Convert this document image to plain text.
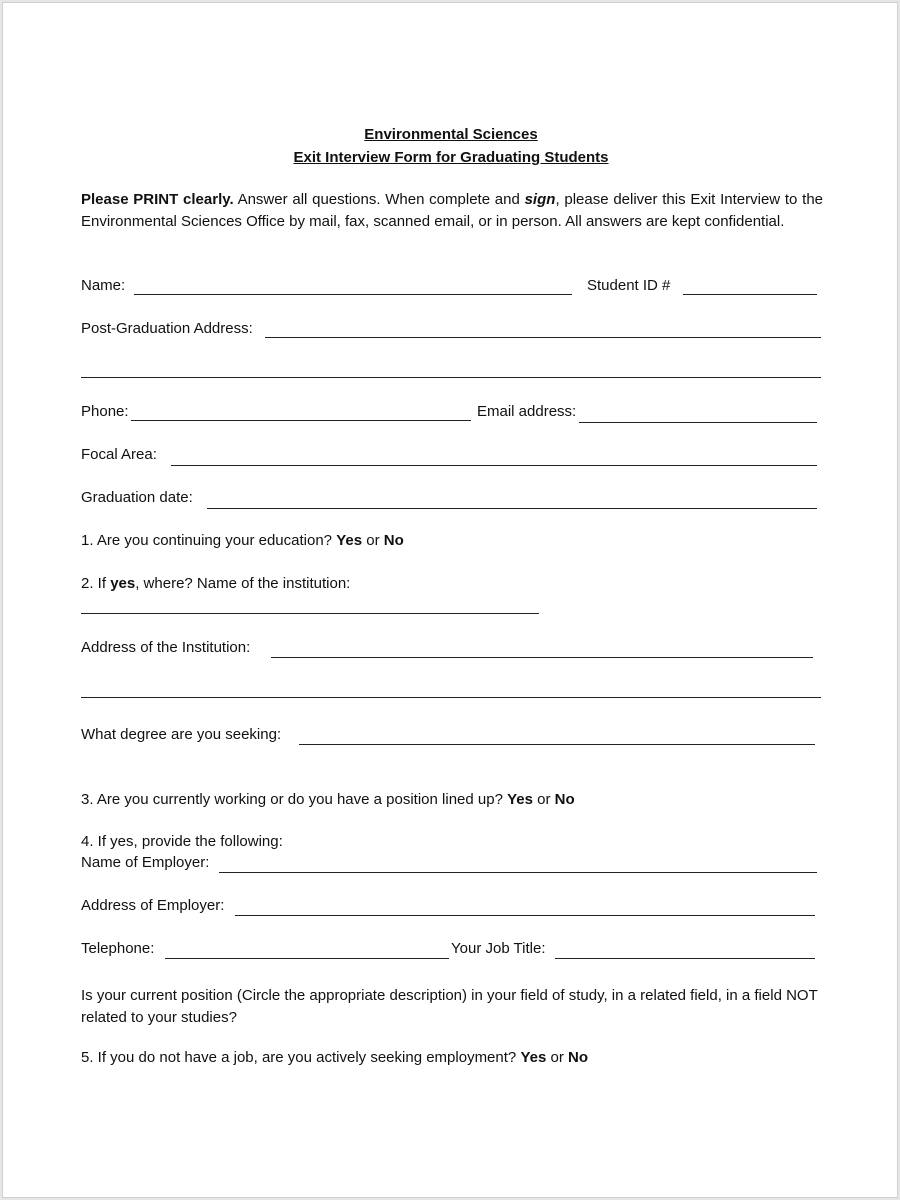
Environmental Sciences
Exit Interview Form for Graduating Students

Please PRINT clearly. Answer all questions. When complete and sign, please deliver this Exit Interview to the Environmental Sciences Office by mail, fax, scanned email, or in person. All answers are kept confidential.

Name:	Student ID #
Post-Graduation Address:
Phone:	Email address:
Focal Area:
Graduation date:
1. Are you continuing your education? Yes or No
2. If yes, where? Name of the institution:
Address of the Institution:
What degree are you seeking:
3. Are you currently working or do you have a position lined up? Yes or No
4. If yes, provide the following:
Name of Employer:
Address of Employer:
Telephone:	Your Job Title:

Is your current position (Circle the appropriate description) in your field of study, in a related field, in a field NOT related to your studies?

5. If you do not have a job, are you actively seeking employment? Yes or No
